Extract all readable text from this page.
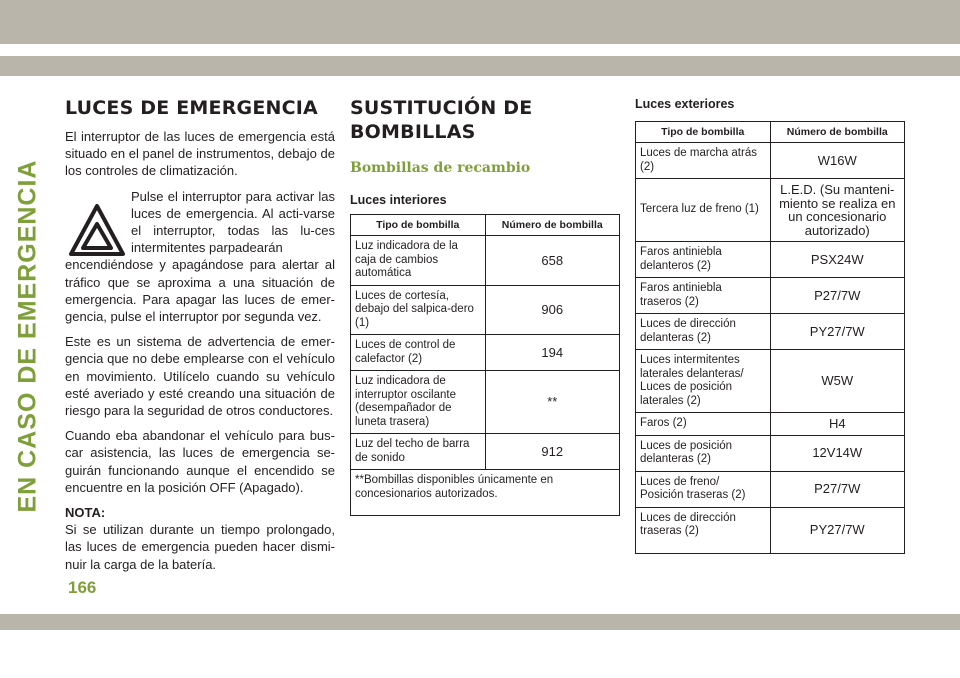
EN CASO DE EMERGENCIA
LUCES DE EMERGENCIA

El interruptor de las luces de emergencia está situado en el panel de instrumentos, debajo de los controles de climatización.

Pulse el interruptor para activar las luces de emergencia. Al acti-varse el interruptor, todas las lu-ces intermitentes parpadearán

encendiéndose y apagándose para alertar al tráfico que se aproxima a una situación de emergencia. Para apagar las luces de emer-gencia, pulse el interruptor por segunda vez.

Este es un sistema de advertencia de emer-gencia que no debe emplearse con el vehículo en movimiento. Utilícelo cuando su vehículo esté averiado y esté creando una situación de riesgo para la seguridad de otros conductores.

Cuando eba abandonar el vehículo para bus-car asistencia, las luces de emergencia se-guirán funcionando aunque el encendido se encuentre en la posición OFF (Apagado).

NOTA:

Si se utilizan durante un tiempo prolongado, las luces de emergencia pueden hacer dismi-nuir la carga de la batería.

SUSTITUCIÓN DE
BOMBILLAS
Bombillas de recambio

Luces interiores

Tipo de bombilla	Número de bombilla
Luz indicadora de la caja de cambios automática	658
Luces de cortesía, debajo del salpica-dero (1)	906
Luces de control de calefactor (2)	194
Luz indicadora de interruptor oscilante (desempañador de luneta trasera)	**
Luz del techo de barra de sonido	912
**Bombillas disponibles únicamente en concesionarios autorizados.	

Luces exteriores

Tipo de bombilla	Número de bombilla
Luces de marcha atrás (2)	W16W
Tercera luz de freno (1)	L.E.D. (Su manteni-miento se realiza en un concesionario autorizado)
Faros antiniebla delanteros (2)	PSX24W
Faros antiniebla traseros (2)	P27/7W
Luces de dirección delanteras (2)	PY27/7W
Luces intermitentes laterales delanteras/ Luces de posición laterales (2)	W5W
Faros (2)	H4
Luces de posición delanteras (2)	12V14W
Luces de freno/ Posición traseras (2)	P27/7W
Luces de dirección traseras (2)	PY27/7W
166
